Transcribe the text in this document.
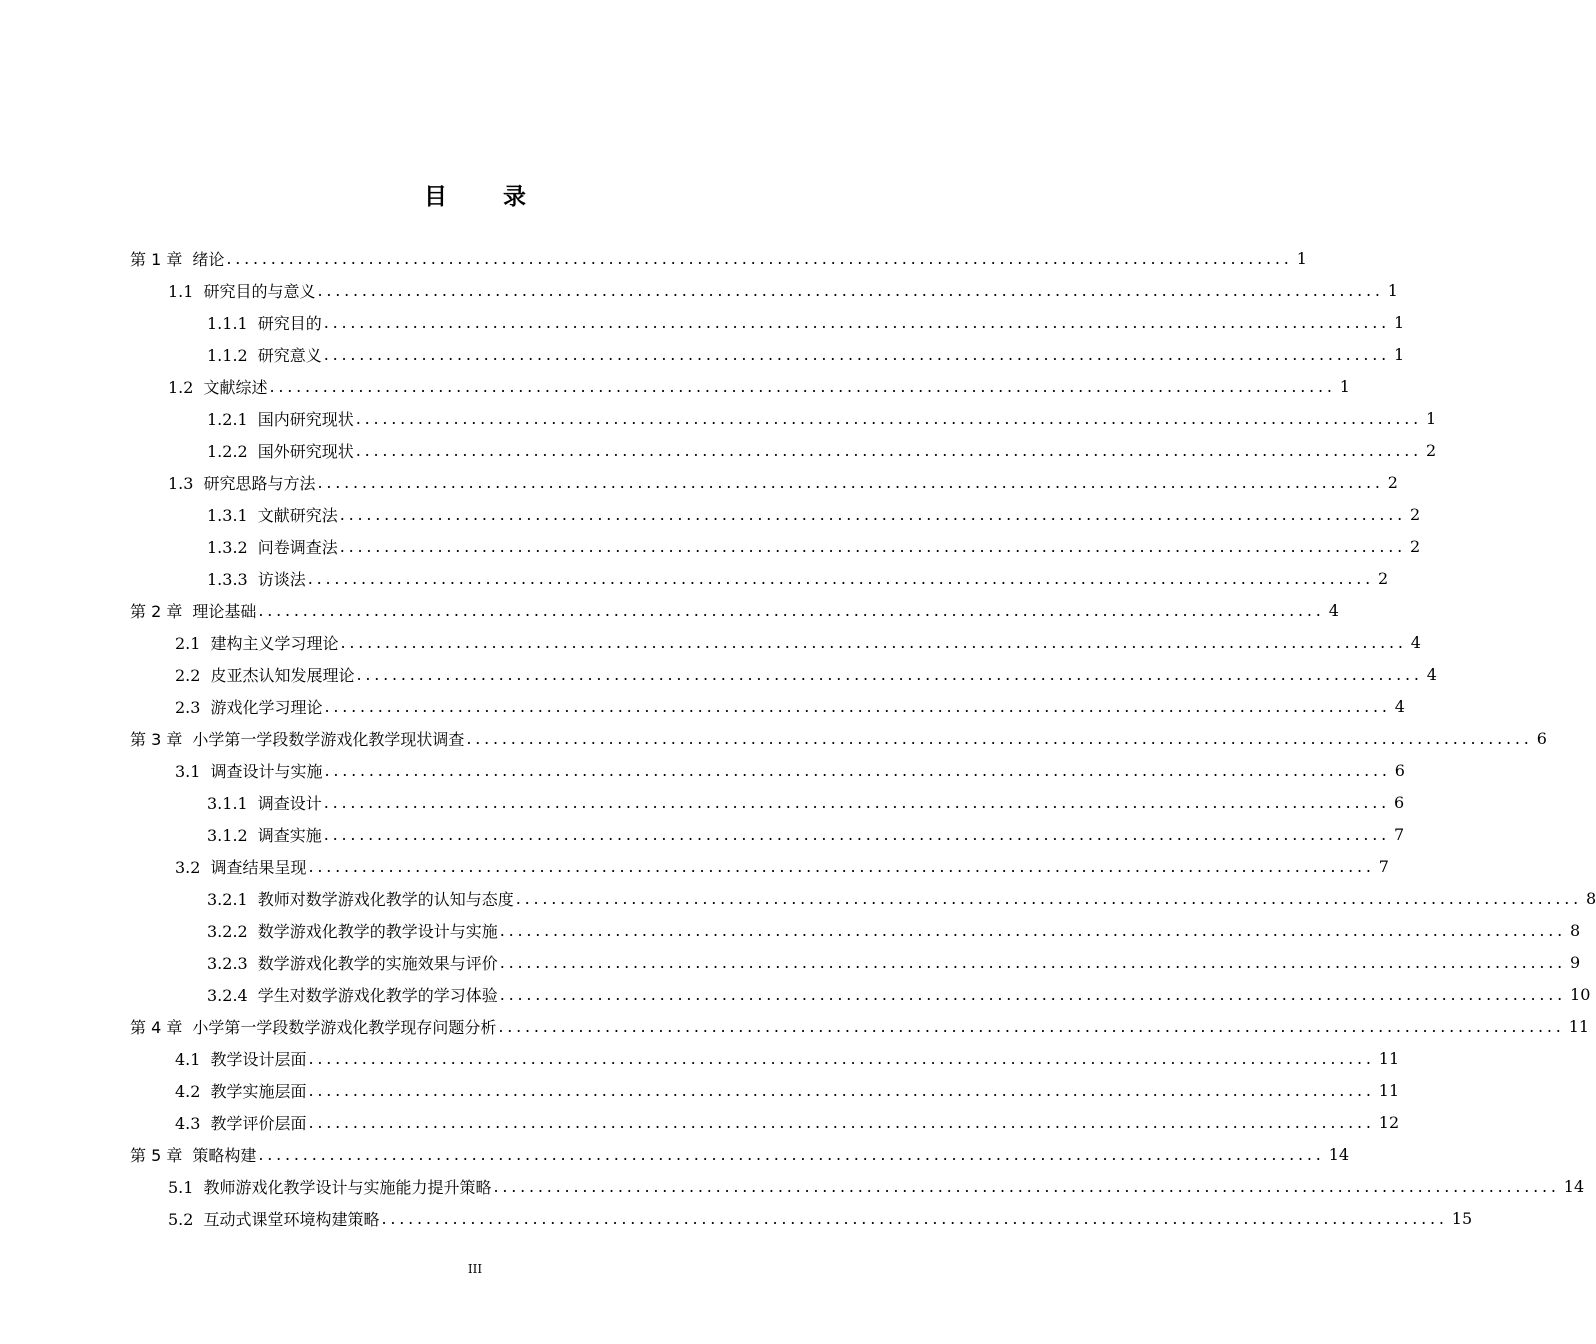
目 录
第 1 章 绪论 ........................................................................................................................ 1
1.1 研究目的与意义 ........................................................................................................................ 1
1.1.1 研究目的 ........................................................................................................................ 1
1.1.2 研究意义 ........................................................................................................................ 1
1.2 文献综述 ........................................................................................................................ 1
1.2.1 国内研究现状 ........................................................................................................................ 1
1.2.2 国外研究现状 ........................................................................................................................ 2
1.3 研究思路与方法 ........................................................................................................................ 2
1.3.1 文献研究法 ........................................................................................................................ 2
1.3.2 问卷调查法 ........................................................................................................................ 2
1.3.3 访谈法 ........................................................................................................................ 2
第 2 章 理论基础 ........................................................................................................................ 4
2.1 建构主义学习理论 ........................................................................................................................ 4
2.2 皮亚杰认知发展理论 ........................................................................................................................ 4
2.3 游戏化学习理论 ........................................................................................................................ 4
第 3 章 小学第一学段数学游戏化教学现状调查 ........................................................................................................................ 6
3.1 调查设计与实施 ........................................................................................................................ 6
3.1.1 调查设计 ........................................................................................................................ 6
3.1.2 调查实施 ........................................................................................................................ 7
3.2 调查结果呈现 ........................................................................................................................ 7
3.2.1 教师对数学游戏化教学的认知与态度 ........................................................................................................................ 8
3.2.2 数学游戏化教学的教学设计与实施 ........................................................................................................................ 8
3.2.3 数学游戏化教学的实施效果与评价 ........................................................................................................................ 9
3.2.4 学生对数学游戏化教学的学习体验 ........................................................................................................................ 10
第 4 章 小学第一学段数学游戏化教学现存问题分析 ........................................................................................................................ 11
4.1 教学设计层面 ........................................................................................................................ 11
4.2 教学实施层面 ........................................................................................................................ 11
4.3 教学评价层面 ........................................................................................................................ 12
第 5 章 策略构建 ........................................................................................................................ 14
5.1 教师游戏化教学设计与实施能力提升策略 ........................................................................................................................ 14
5.2 互动式课堂环境构建策略 ........................................................................................................................ 15
III
